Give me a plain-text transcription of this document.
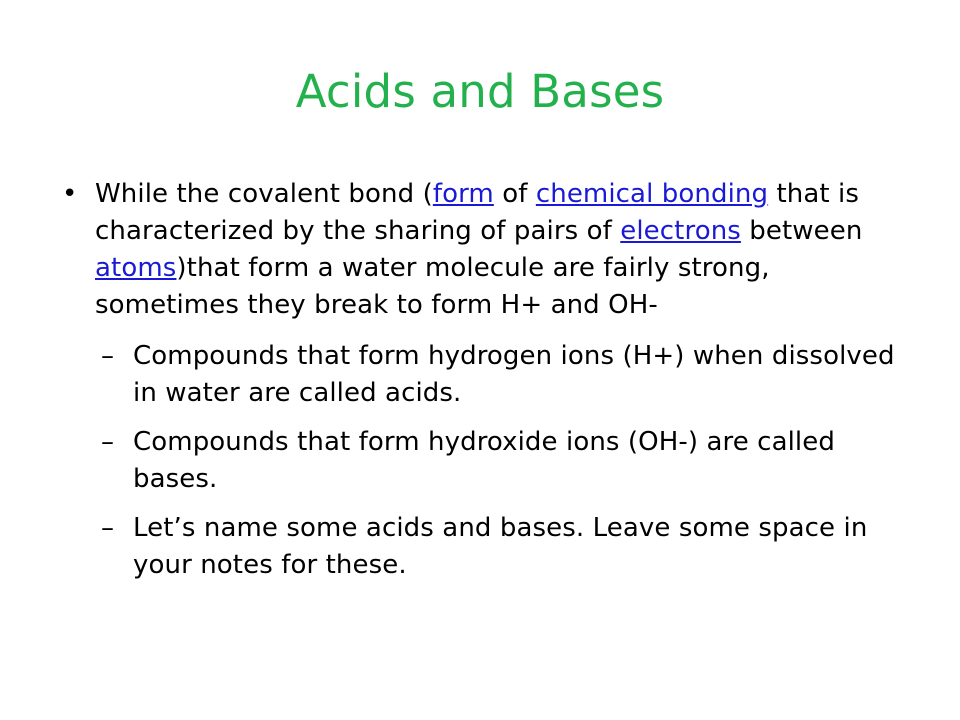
Acids and Bases
• While the covalent bond (form of chemical bonding that is characterized by the sharing of pairs of electrons between atoms)that form a water molecule are fairly strong, sometimes they break to form H+ and OH-
– Compounds that form hydrogen ions (H+) when dissolved in water are called acids.
– Compounds that form hydroxide ions (OH-) are called bases.
– Let’s name some acids and bases. Leave some space in your notes for these.
